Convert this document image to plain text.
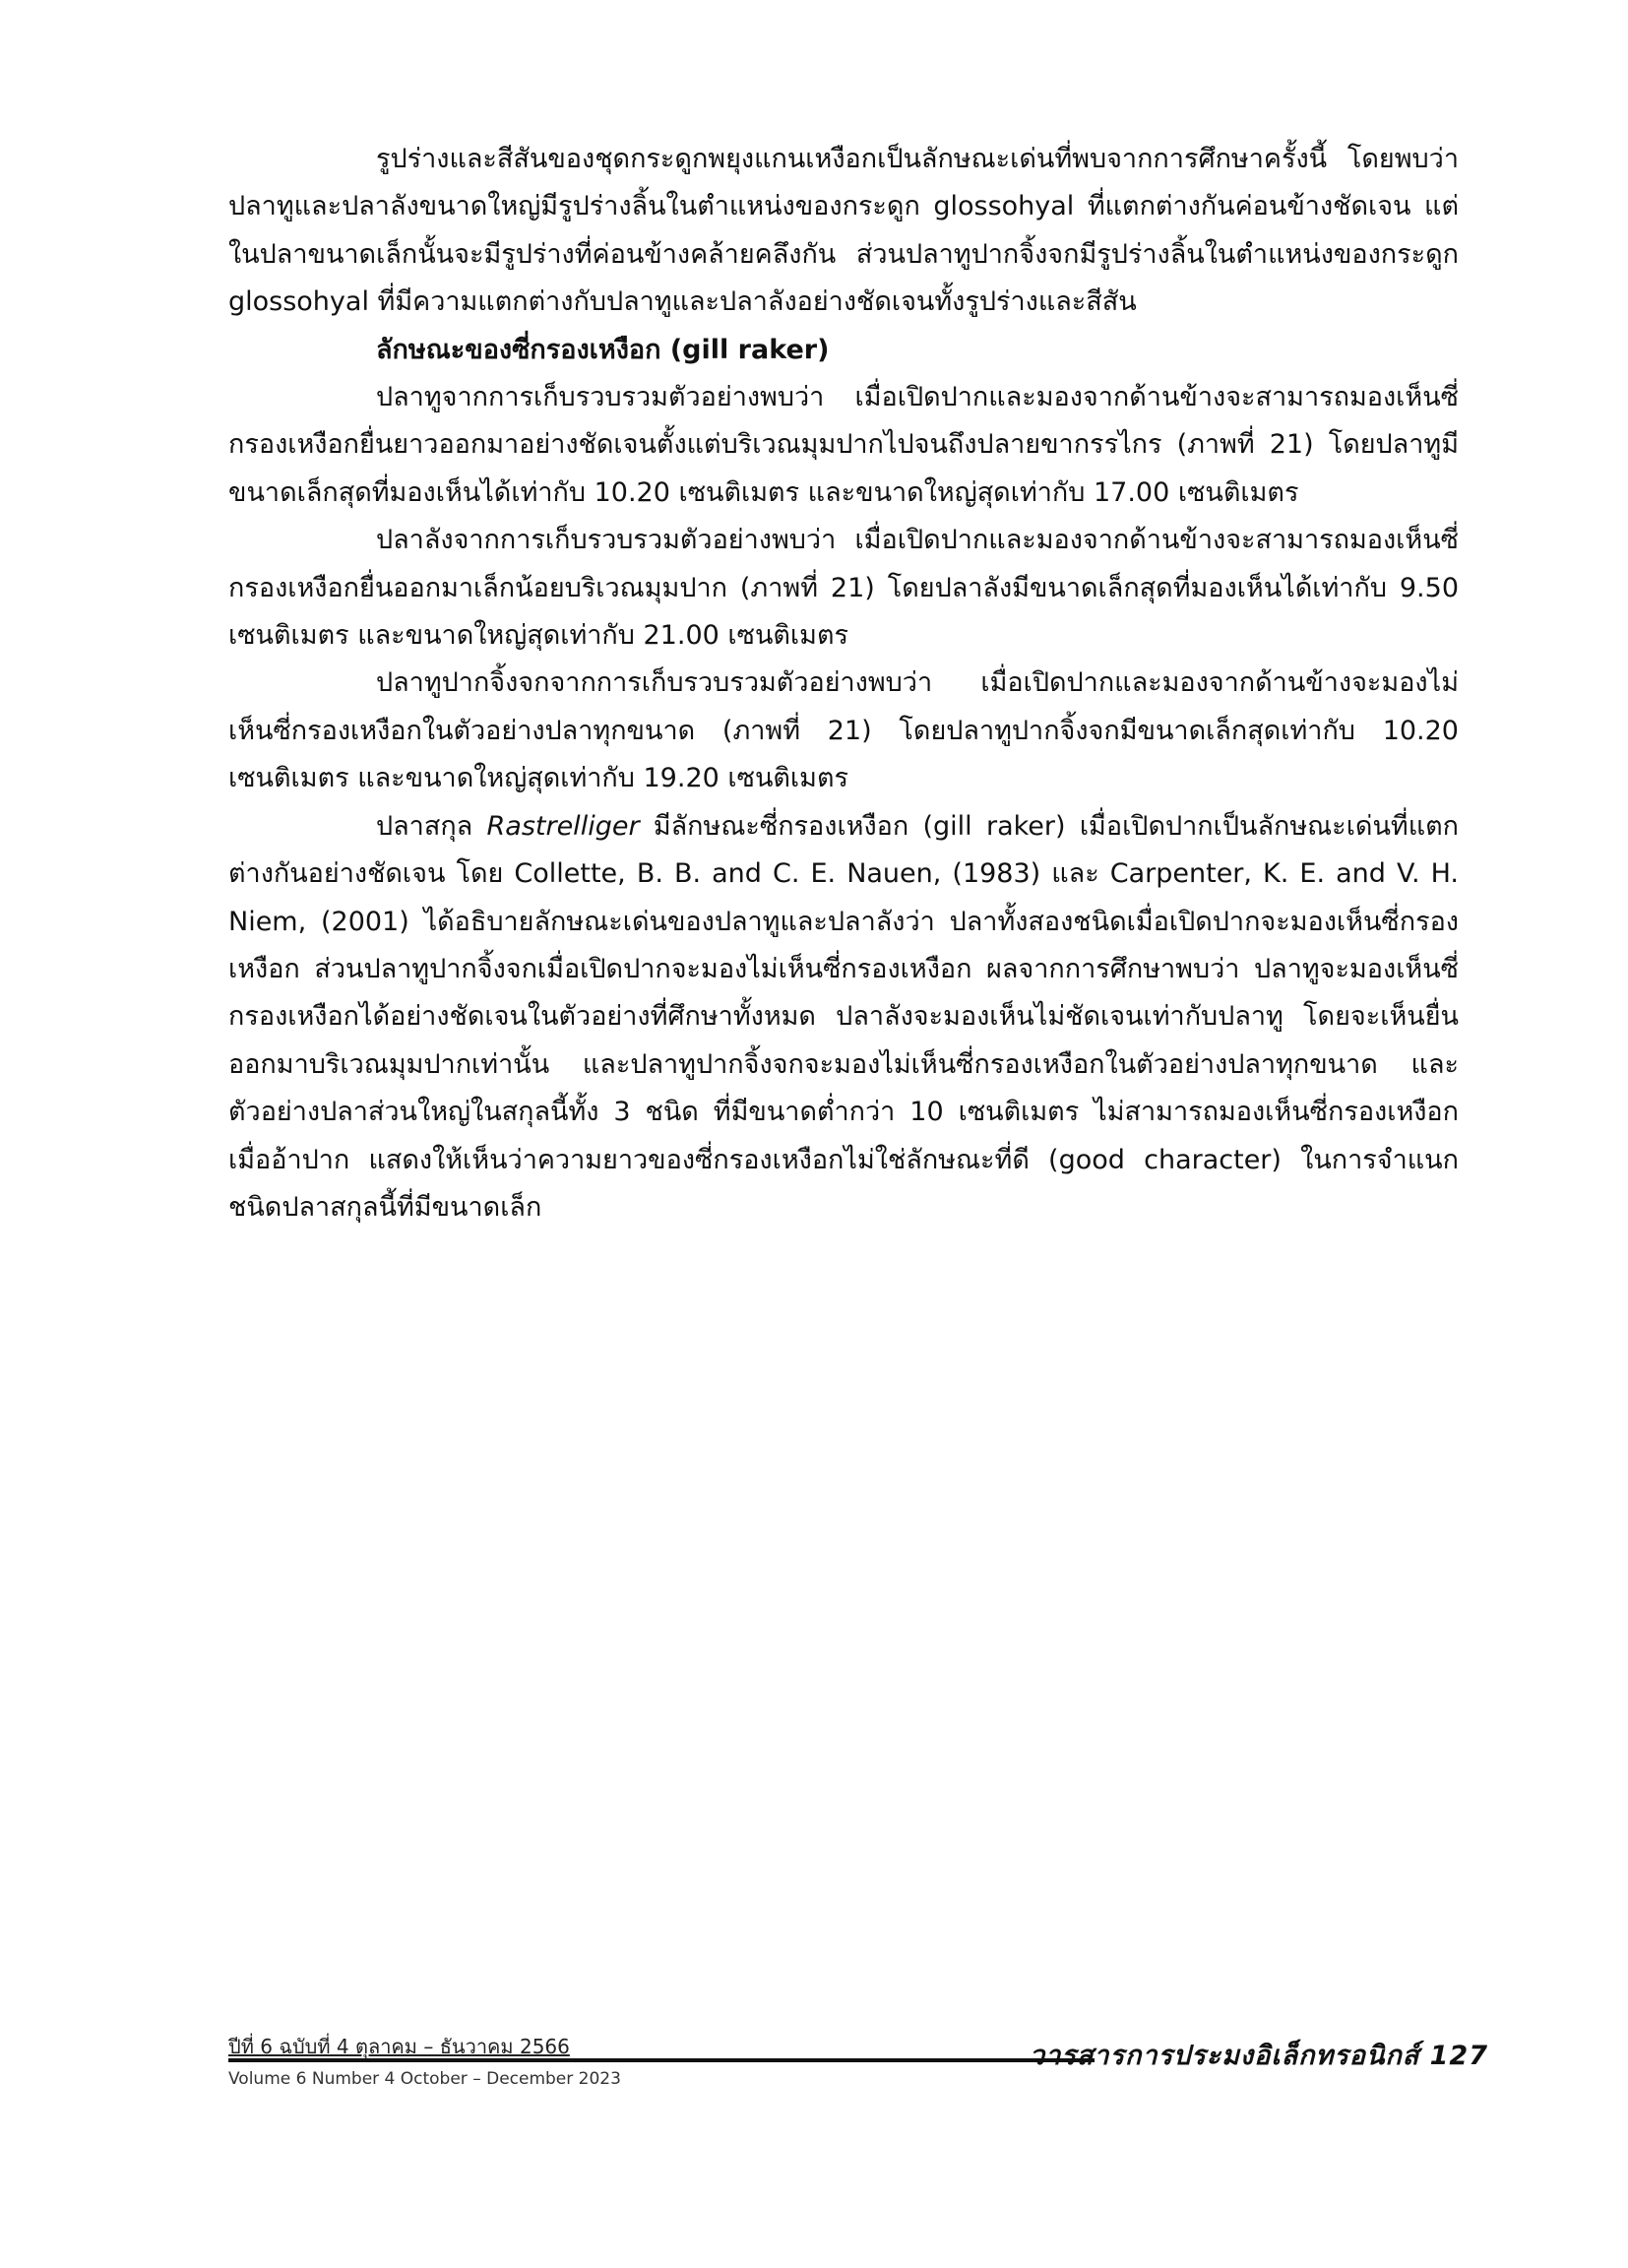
รูปร่างและสีสันของชุดกระดูกพยุงแกนเหงือกเป็นลักษณะเด่นที่พบจากการศึกษาครั้งนี้ โดยพบว่าปลาทูและปลาลังขนาดใหญ่มีรูปร่างลิ้นในตำแหน่งของกระดูก glossohyal ที่แตกต่างกันค่อนข้างชัดเจน แต่ในปลาขนาดเล็กนั้นจะมีรูปร่างที่ค่อนข้างคล้ายคลึงกัน ส่วนปลาทูปากจิ้งจกมีรูปร่างลิ้นในตำแหน่งของกระดูก glossohyal ที่มีความแตกต่างกับปลาทูและปลาลังอย่างชัดเจนทั้งรูปร่างและสีสัน

ลักษณะของซี่กรองเหงือก (gill raker)

ปลาทูจากการเก็บรวบรวมตัวอย่างพบว่า เมื่อเปิดปากและมองจากด้านข้างจะสามารถมองเห็นซี่กรองเหงือกยื่นยาวออกมาอย่างชัดเจนตั้งแต่บริเวณมุมปากไปจนถึงปลายขากรรไกร (ภาพที่ 21) โดยปลาทูมีขนาดเล็กสุดที่มองเห็นได้เท่ากับ 10.20 เซนติเมตร และขนาดใหญ่สุดเท่ากับ 17.00 เซนติเมตร

ปลาลังจากการเก็บรวบรวมตัวอย่างพบว่า เมื่อเปิดปากและมองจากด้านข้างจะสามารถมองเห็นซี่กรองเหงือกยื่นออกมาเล็กน้อยบริเวณมุมปาก (ภาพที่ 21) โดยปลาลังมีขนาดเล็กสุดที่มองเห็นได้เท่ากับ 9.50 เซนติเมตร และขนาดใหญ่สุดเท่ากับ 21.00 เซนติเมตร

ปลาทูปากจิ้งจกจากการเก็บรวบรวมตัวอย่างพบว่า เมื่อเปิดปากและมองจากด้านข้างจะมองไม่เห็นซี่กรองเหงือกในตัวอย่างปลาทุกขนาด (ภาพที่ 21) โดยปลาทูปากจิ้งจกมีขนาดเล็กสุดเท่ากับ 10.20 เซนติเมตร และขนาดใหญ่สุดเท่ากับ 19.20 เซนติเมตร

ปลาสกุล Rastrelliger มีลักษณะซี่กรองเหงือก (gill raker) เมื่อเปิดปากเป็นลักษณะเด่นที่แตกต่างกันอย่างชัดเจน โดย Collette, B. B. and C. E. Nauen, (1983) และ Carpenter, K. E. and V. H. Niem, (2001) ได้อธิบายลักษณะเด่นของปลาทูและปลาลังว่า ปลาทั้งสองชนิดเมื่อเปิดปากจะมองเห็นซี่กรองเหงือก ส่วนปลาทูปากจิ้งจกเมื่อเปิดปากจะมองไม่เห็นซี่กรองเหงือก ผลจากการศึกษาพบว่า ปลาทูจะมองเห็นซี่กรองเหงือกได้อย่างชัดเจนในตัวอย่างที่ศึกษาทั้งหมด ปลาลังจะมองเห็นไม่ชัดเจนเท่ากับปลาทู โดยจะเห็นยื่นออกมาบริเวณมุมปากเท่านั้น และปลาทูปากจิ้งจกจะมองไม่เห็นซี่กรองเหงือกในตัวอย่างปลาทุกขนาด และตัวอย่างปลาส่วนใหญ่ในสกุลนี้ทั้ง 3 ชนิด ที่มีขนาดต่ำกว่า 10 เซนติเมตร ไม่สามารถมองเห็นซี่กรองเหงือกเมื่ออ้าปาก แสดงให้เห็นว่าความยาวของซี่กรองเหงือกไม่ใช่ลักษณะที่ดี (good character) ในการจำแนกชนิดปลาสกุลนี้ที่มีขนาดเล็ก

ปีที่ 6 ฉบับที่ 4 ตุลาคม – ธันวาคม 2566
Volume 6 Number 4 October – December 2023
วารสารการประมงอิเล็กทรอนิกส์ 127
